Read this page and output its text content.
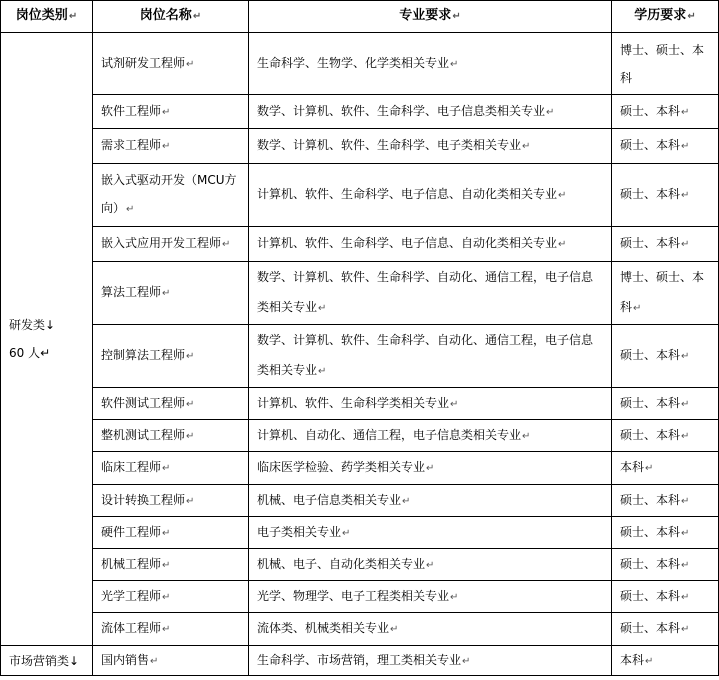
岗位类别↵	岗位名称↵	专业要求↵	学历要求↵

研发类↓
60 人↵	试剂研发工程师↵	生命科学、生物学、化学类相关专业↵	博士、硕士、本科
	软件工程师↵	数学、计算机、软件、生命科学、电子信息类相关专业↵	硕士、本科↵
	需求工程师↵	数学、计算机、软件、生命科学、电子类相关专业↵	硕士、本科↵
	嵌入式驱动开发（MCU方向）↵	计算机、软件、生命科学、电子信息、自动化类相关专业↵	硕士、本科↵
	嵌入式应用开发工程师↵	计算机、软件、生命科学、电子信息、自动化类相关专业↵	硕士、本科↵
	算法工程师↵	数学、计算机、软件、生命科学、自动化、通信工程，电子信息类相关专业↵	博士、硕士、本科↵
	控制算法工程师↵	数学、计算机、软件、生命科学、自动化、通信工程，电子信息类相关专业↵	硕士、本科↵
	软件测试工程师↵	计算机、软件、生命科学类相关专业↵	硕士、本科↵
	整机测试工程师↵	计算机、自动化、通信工程，电子信息类相关专业↵	硕士、本科↵
	临床工程师↵	临床医学检验、药学类相关专业↵	本科↵
	设计转换工程师↵	机械、电子信息类相关专业↵	硕士、本科↵
	硬件工程师↵	电子类相关专业↵	硕士、本科↵
	机械工程师↵	机械、电子、自动化类相关专业↵	硕士、本科↵
	光学工程师↵	光学、物理学、电子工程类相关专业↵	硕士、本科↵
	流体工程师↵	流体类、机械类相关专业↵	硕士、本科↵
市场营销类↓	国内销售↵	生命科学、市场营销，理工类相关专业↵	本科↵
